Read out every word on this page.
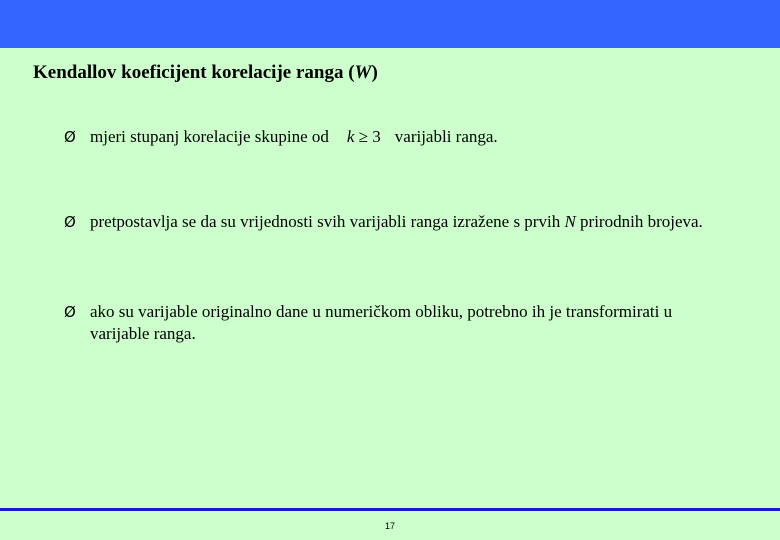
Kendallov koeficijent korelacije ranga (W)
Ø mjeri stupanj korelacije skupine od k ≥ 3 varijabli ranga.
Ø pretpostavlja se da su vrijednosti svih varijabli ranga izražene s prvih N prirodnih brojeva.
Ø ako su varijable originalno dane u numeričkom obliku, potrebno ih je transformirati u varijable ranga.
17
